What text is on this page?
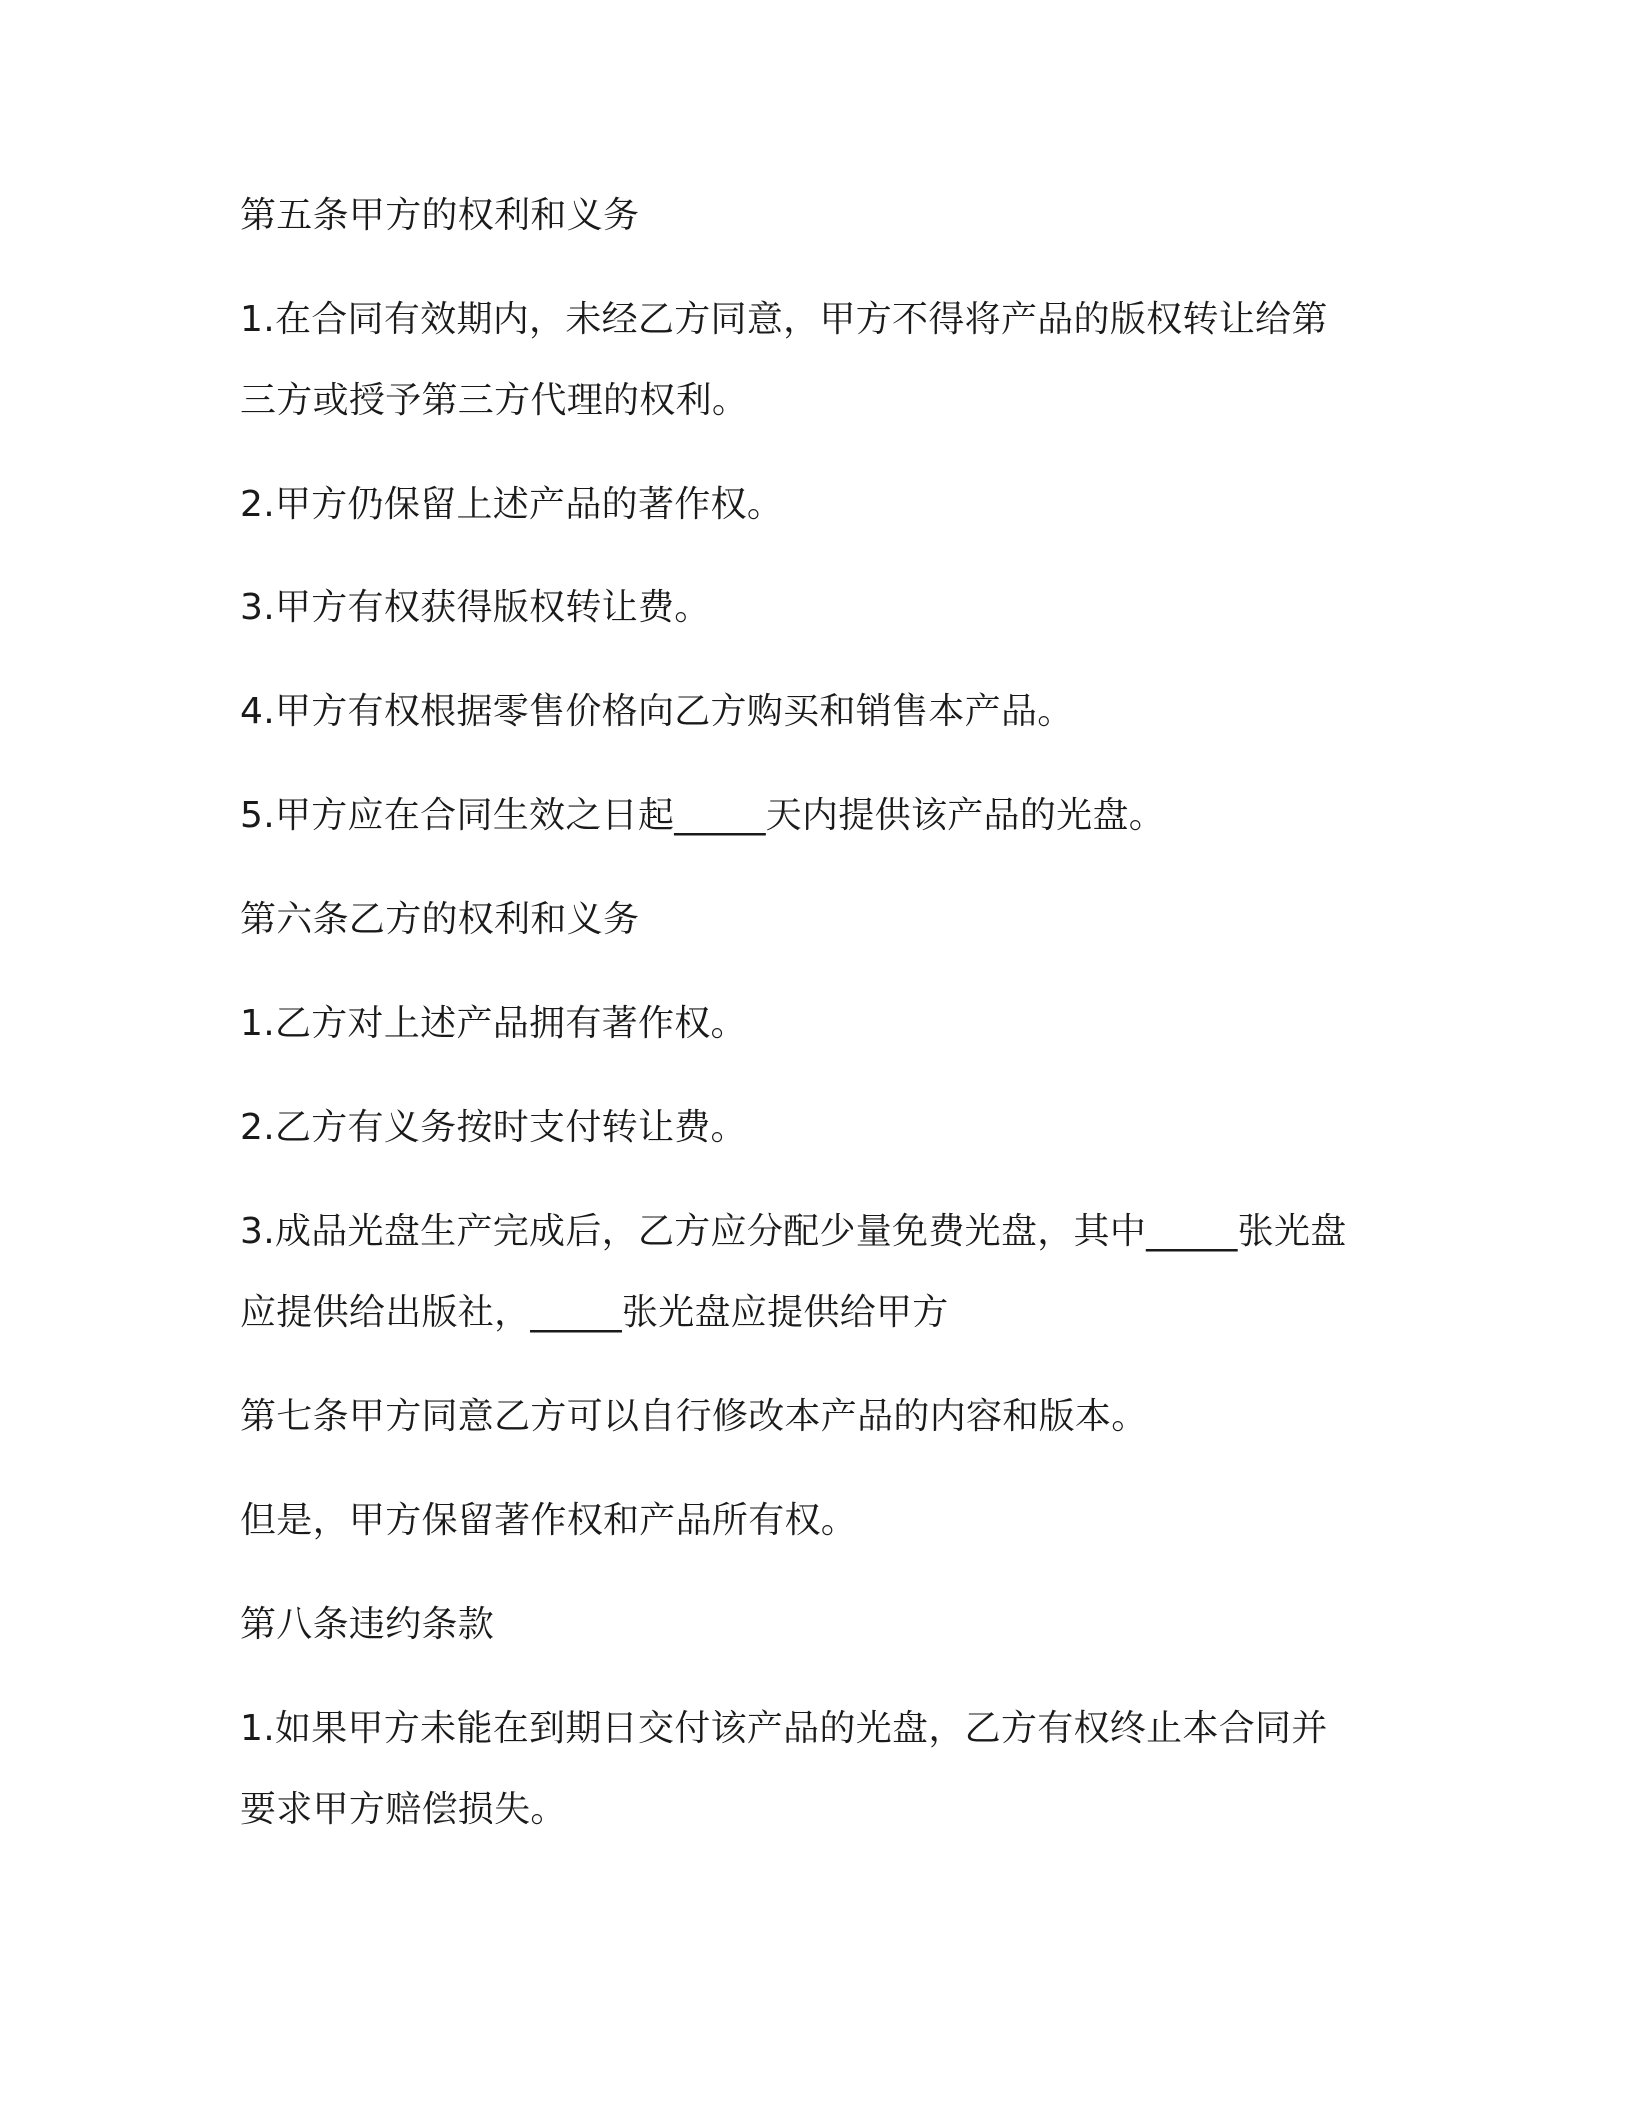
第五条甲方的权利和义务

1.在合同有效期内，未经乙方同意，甲方不得将产品的版权转让给第

三方或授予第三方代理的权利。

2.甲方仍保留上述产品的著作权。

3.甲方有权获得版权转让费。

4.甲方有权根据零售价格向乙方购买和销售本产品。

5.甲方应在合同生效之日起_____天内提供该产品的光盘。

第六条乙方的权利和义务

1.乙方对上述产品拥有著作权。

2.乙方有义务按时支付转让费。

3.成品光盘生产完成后，乙方应分配少量免费光盘，其中_____张光盘

应提供给出版社，_____张光盘应提供给甲方

第七条甲方同意乙方可以自行修改本产品的内容和版本。

但是，甲方保留著作权和产品所有权。

第八条违约条款

1.如果甲方未能在到期日交付该产品的光盘，乙方有权终止本合同并

要求甲方赔偿损失。
